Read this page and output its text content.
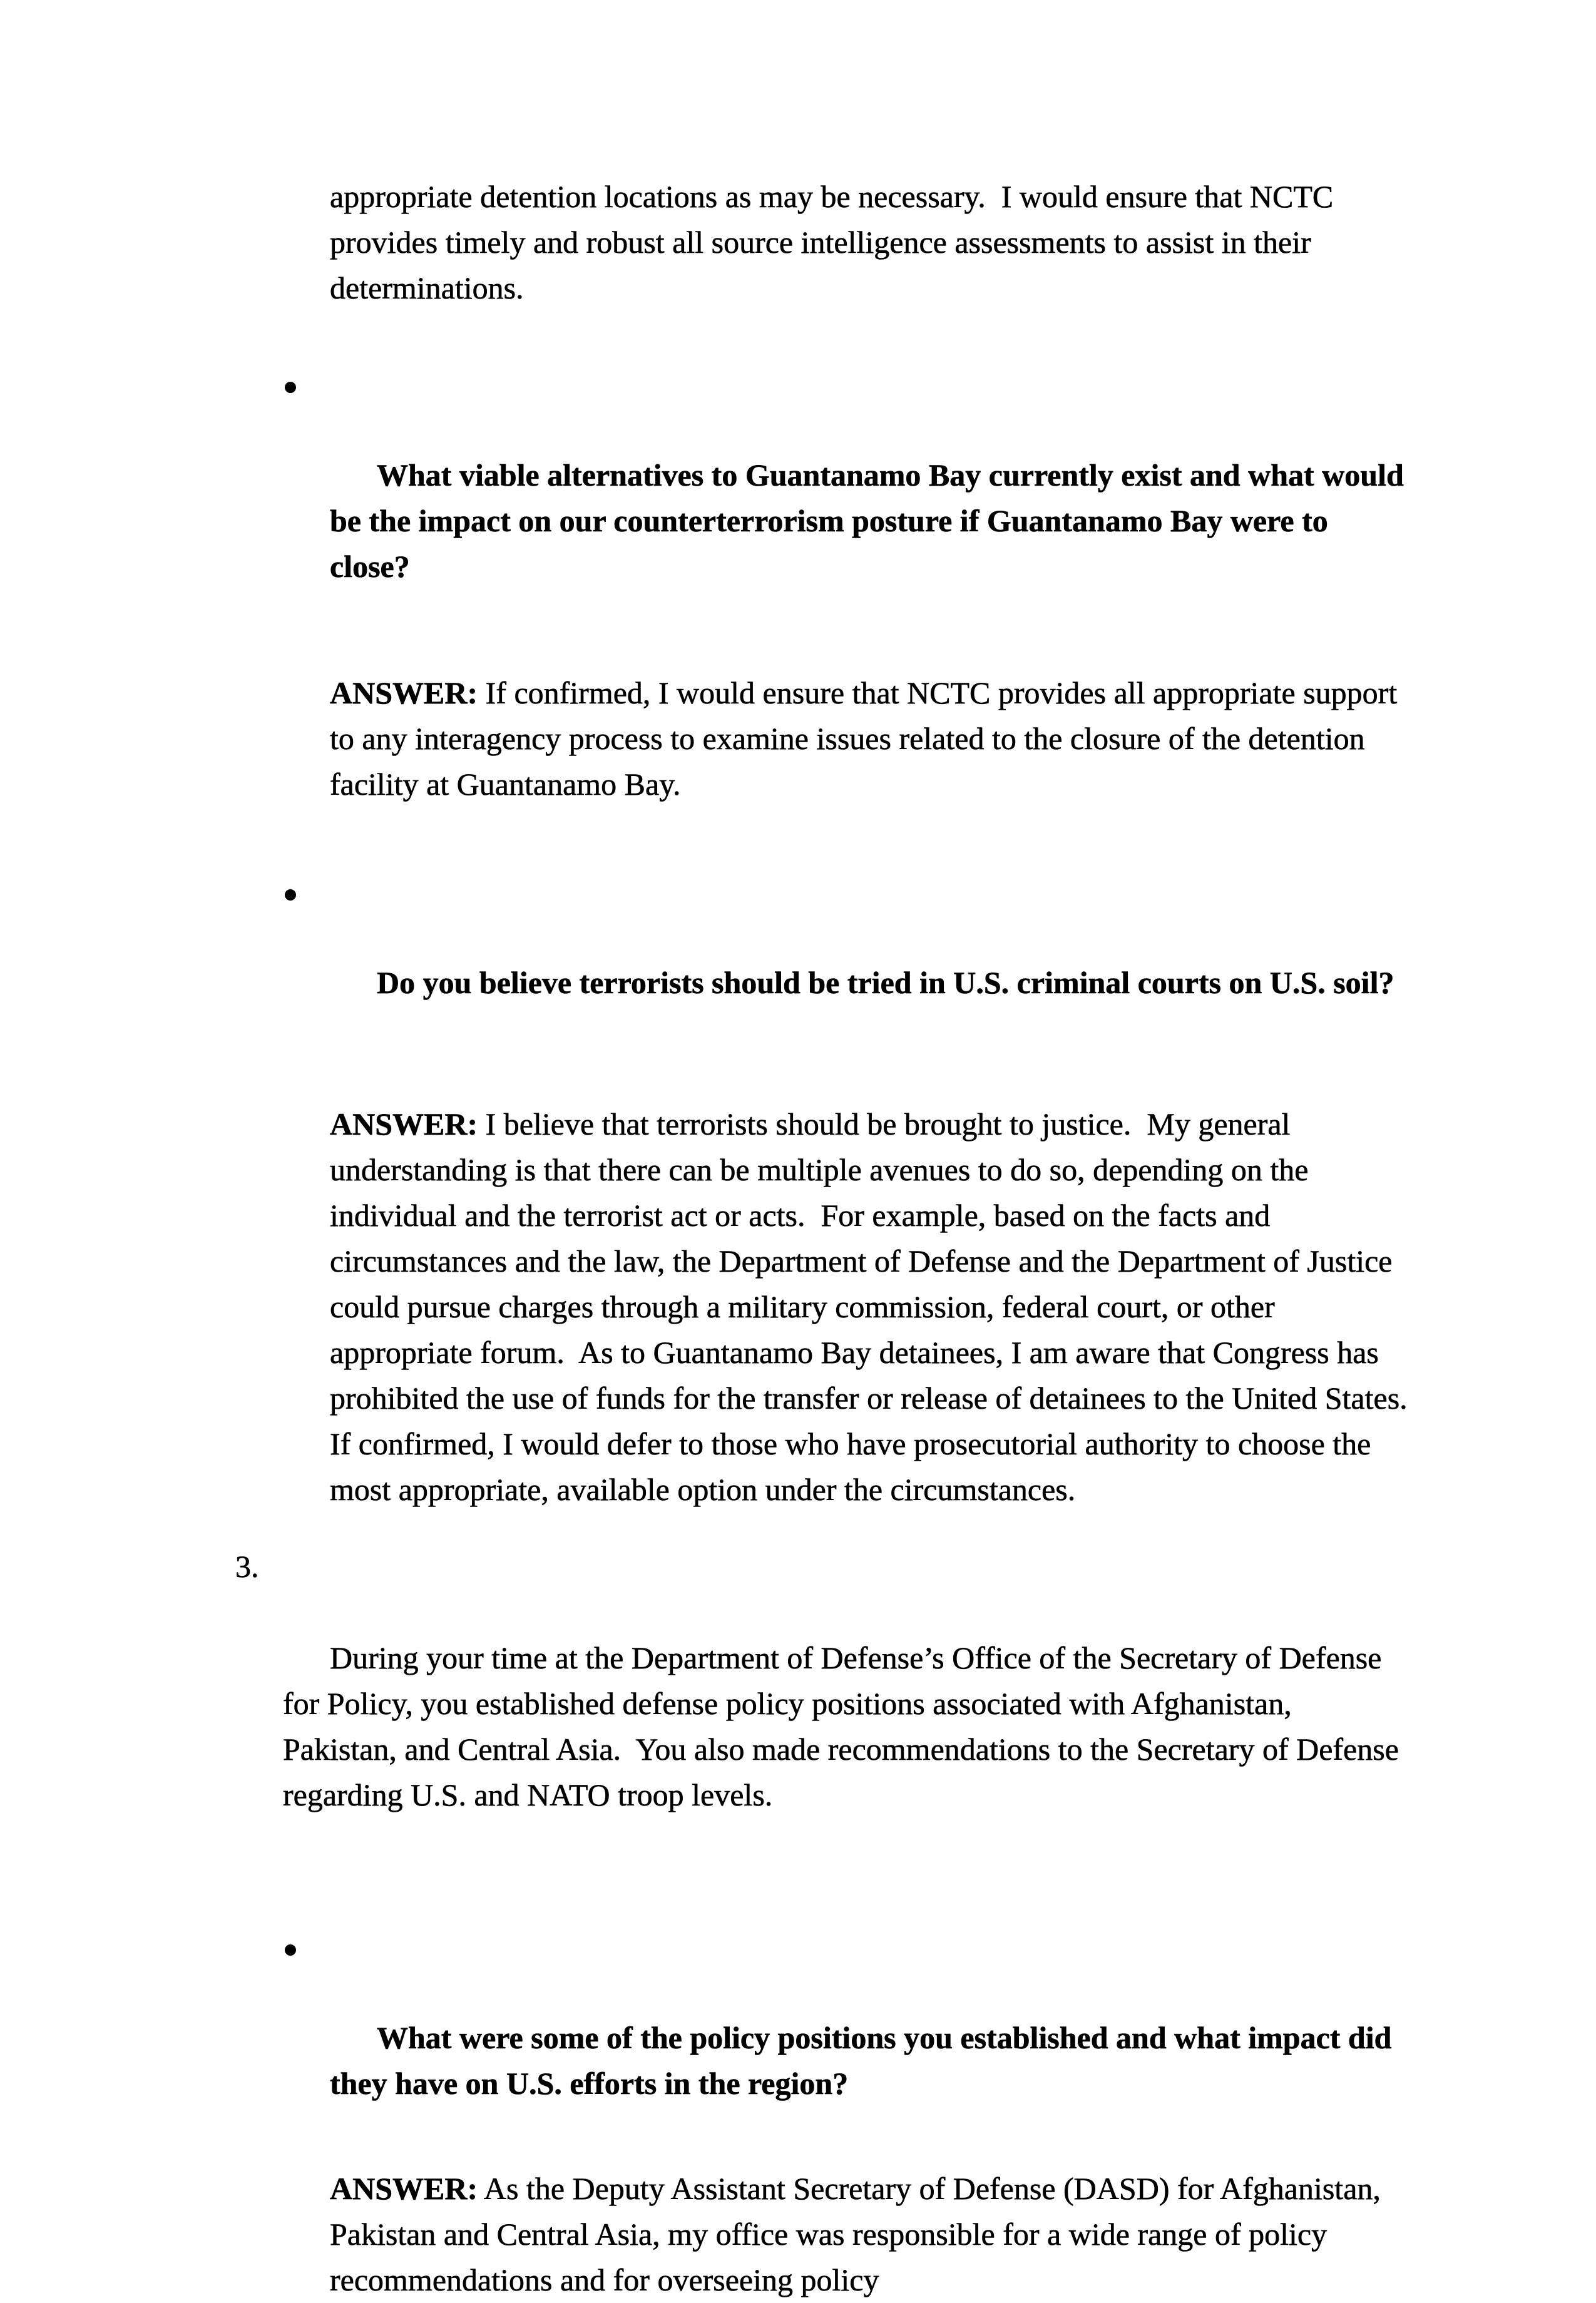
appropriate detention locations as may be necessary.  I would ensure that NCTC provides timely and robust all source intelligence assessments to assist in their determinations.

What viable alternatives to Guantanamo Bay currently exist and what would be the impact on our counterterrorism posture if Guantanamo Bay were to close?

ANSWER: If confirmed, I would ensure that NCTC provides all appropriate support to any interagency process to examine issues related to the closure of the detention facility at Guantanamo Bay.

Do you believe terrorists should be tried in U.S. criminal courts on U.S. soil?

ANSWER: I believe that terrorists should be brought to justice.  My general understanding is that there can be multiple avenues to do so, depending on the individual and the terrorist act or acts.  For example, based on the facts and circumstances and the law, the Department of Defense and the Department of Justice could pursue charges through a military commission, federal court, or other appropriate forum.  As to Guantanamo Bay detainees, I am aware that Congress has prohibited the use of funds for the transfer or release of detainees to the United States.  If confirmed, I would defer to those who have prosecutorial authority to choose the most appropriate, available option under the circumstances.

3.

During your time at the Department of Defense’s Office of the Secretary of Defense for Policy, you established defense policy positions associated with Afghanistan, Pakistan, and Central Asia.  You also made recommendations to the Secretary of Defense regarding U.S. and NATO troop levels.

What were some of the policy positions you established and what impact did they have on U.S. efforts in the region?

ANSWER: As the Deputy Assistant Secretary of Defense (DASD) for Afghanistan, Pakistan and Central Asia, my office was responsible for a wide range of policy recommendations and for overseeing policy
